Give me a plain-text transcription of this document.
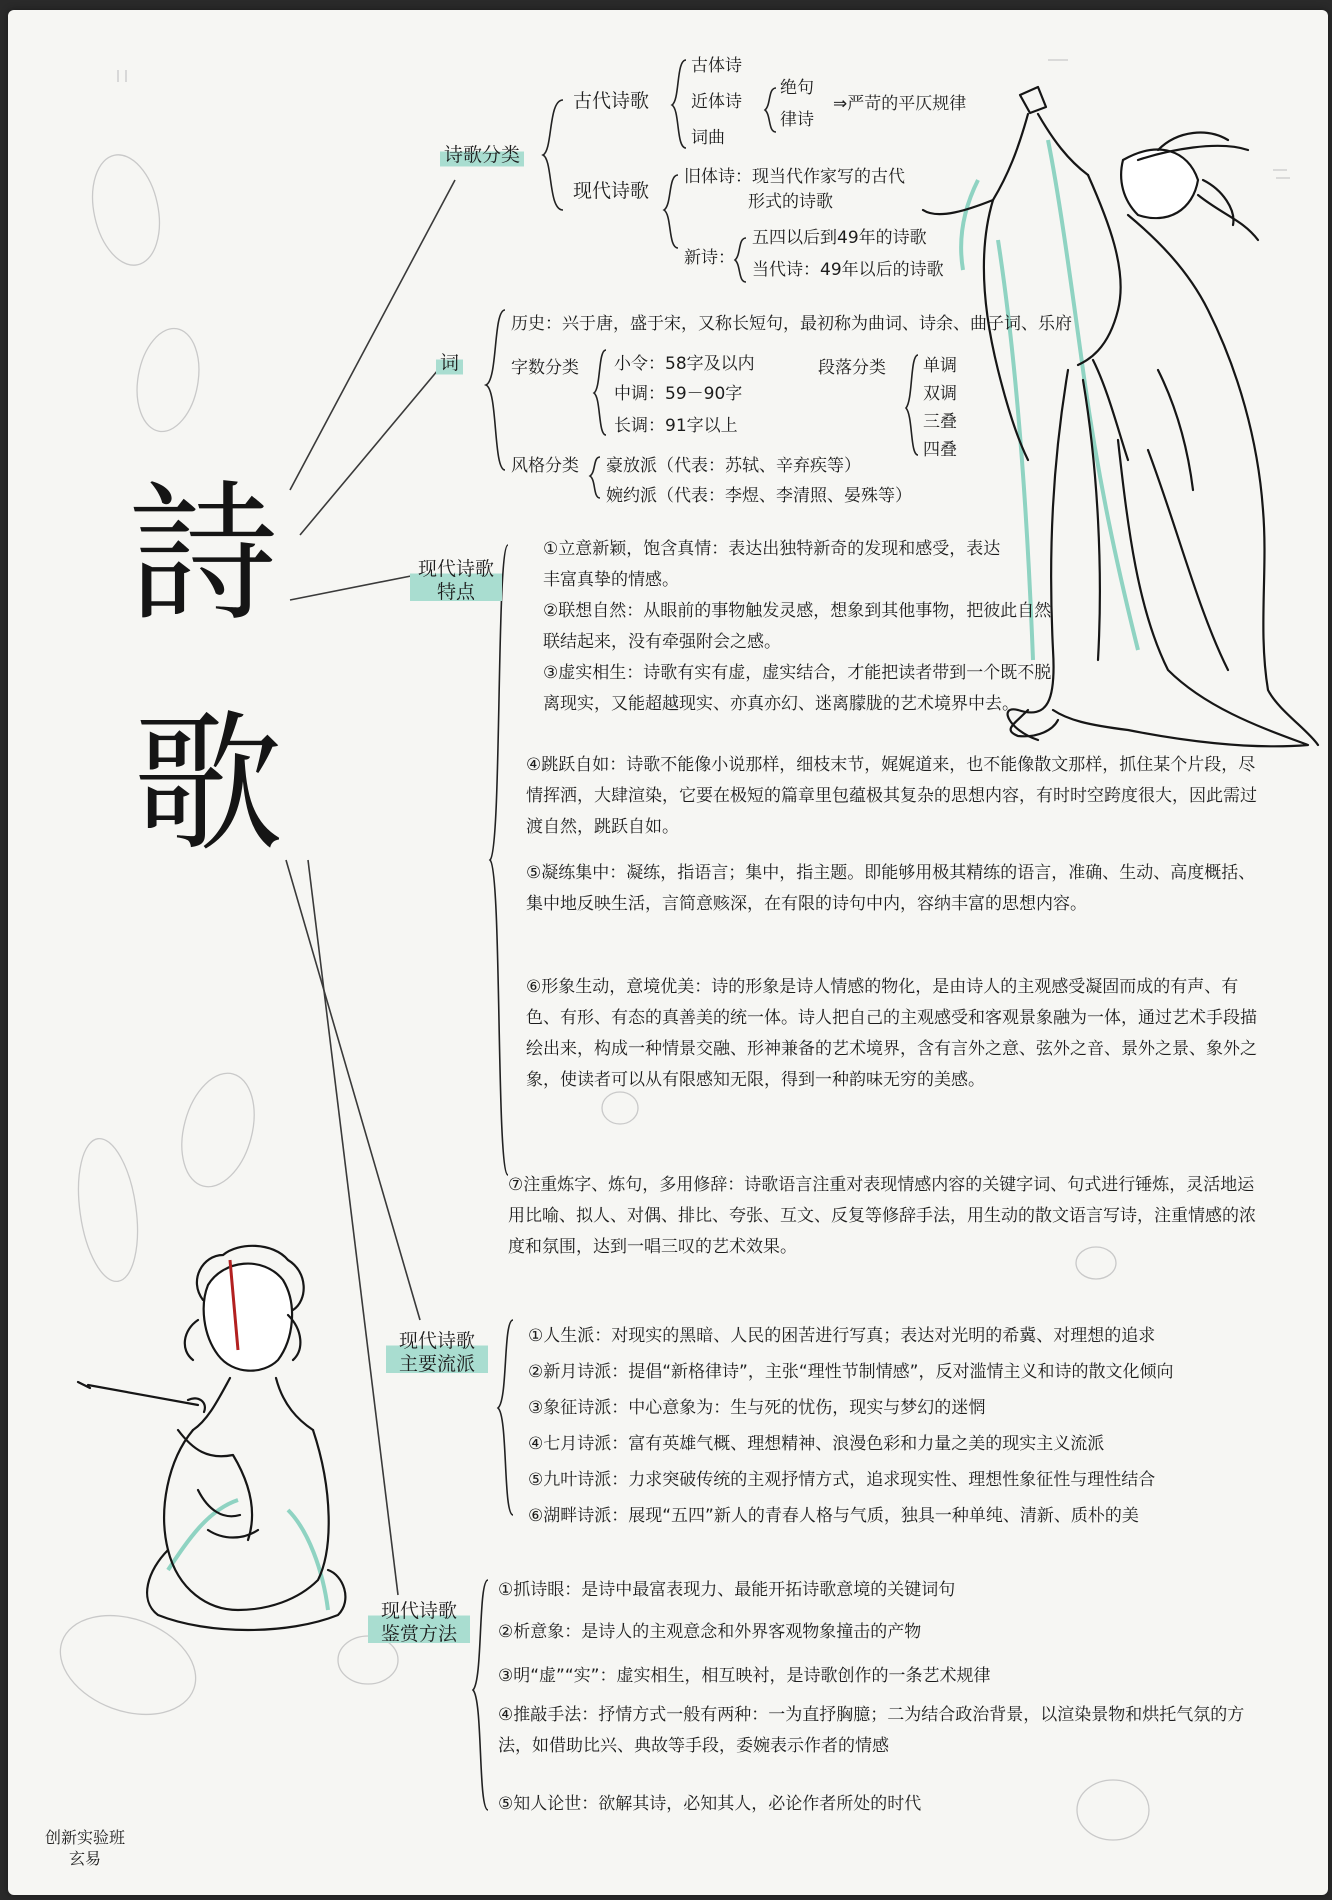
詩
歌
诗歌分类
古代诗歌
古体诗
近体诗
词曲
绝句
律诗
⇒严苛的平仄规律
现代诗歌
旧体诗：现当代作家写的古代
形式的诗歌
新诗：
五四以后到49年的诗歌
当代诗：49年以后的诗歌
词
历史：兴于唐，盛于宋，又称长短句，最初称为曲词、诗余、曲子词、乐府
字数分类 小令：58字及以内
中调：59－90字
长调：91字以上
段落分类 单调
双调
三叠
四叠
风格分类 豪放派（代表：苏轼、辛弃疾等）
婉约派（代表：李煜、李清照、晏殊等）
现代诗歌特点
①立意新颖，饱含真情：表达出独特新奇的发现和感受，表达丰富真挚的情感。
②联想自然：从眼前的事物触发灵感，想象到其他事物，把彼此自然联结起来，没有牵强附会之感。
③虚实相生：诗歌有实有虚，虚实结合，才能把读者带到一个既不脱离现实，又能超越现实、亦真亦幻、迷离朦胧的艺术境界中去。
④跳跃自如：诗歌不能像小说那样，细枝末节，娓娓道来，也不能像散文那样，抓住某个片段，尽情挥洒，大肆渲染，它要在极短的篇章里包蕴极其复杂的思想内容，有时时空跨度很大，因此需过渡自然，跳跃自如。
⑤凝练集中：凝练，指语言；集中，指主题。即能够用极其精练的语言，准确、生动、高度概括、集中地反映生活，言简意赅深，在有限的诗句中内，容纳丰富的思想内容。
⑥形象生动，意境优美：诗的形象是诗人情感的物化，是由诗人的主观感受凝固而成的有声、有色、有形、有态的真善美的统一体。诗人把自己的主观感受和客观景象融为一体，通过艺术手段描绘出来，构成一种情景交融、形神兼备的艺术境界，含有言外之意、弦外之音、景外之景、象外之象，使读者可以从有限感知无限，得到一种韵味无穷的美感。
⑦注重炼字、炼句，多用修辞：诗歌语言注重对表现情感内容的关键字词、句式进行锤炼，灵活地运用比喻、拟人、对偶、排比、夸张、互文、反复等修辞手法，用生动的散文语言写诗，注重情感的浓度和氛围，达到一唱三叹的艺术效果。
现代诗歌主要流派
①人生派：对现实的黑暗、人民的困苦进行写真；表达对光明的希冀、对理想的追求
②新月诗派：提倡“新格律诗”，主张“理性节制情感”，反对滥情主义和诗的散文化倾向
③象征诗派：中心意象为：生与死的忧伤，现实与梦幻的迷惘
④七月诗派：富有英雄气概、理想精神、浪漫色彩和力量之美的现实主义流派
⑤九叶诗派：力求突破传统的主观抒情方式，追求现实性、理想性象征性与理性结合
⑥湖畔诗派：展现“五四”新人的青春人格与气质，独具一种单纯、清新、质朴的美
现代诗歌鉴赏方法
①抓诗眼：是诗中最富表现力、最能开拓诗歌意境的关键词句
②析意象：是诗人的主观意念和外界客观物象撞击的产物
③明“虚”“实”：虚实相生，相互映衬，是诗歌创作的一条艺术规律
④推敲手法：抒情方式一般有两种：一为直抒胸臆；二为结合政治背景，以渲染景物和烘托气氛的方法，如借助比兴、典故等手段，委婉表示作者的情感
⑤知人论世：欲解其诗，必知其人，必论作者所处的时代
创新实验班
玄易
